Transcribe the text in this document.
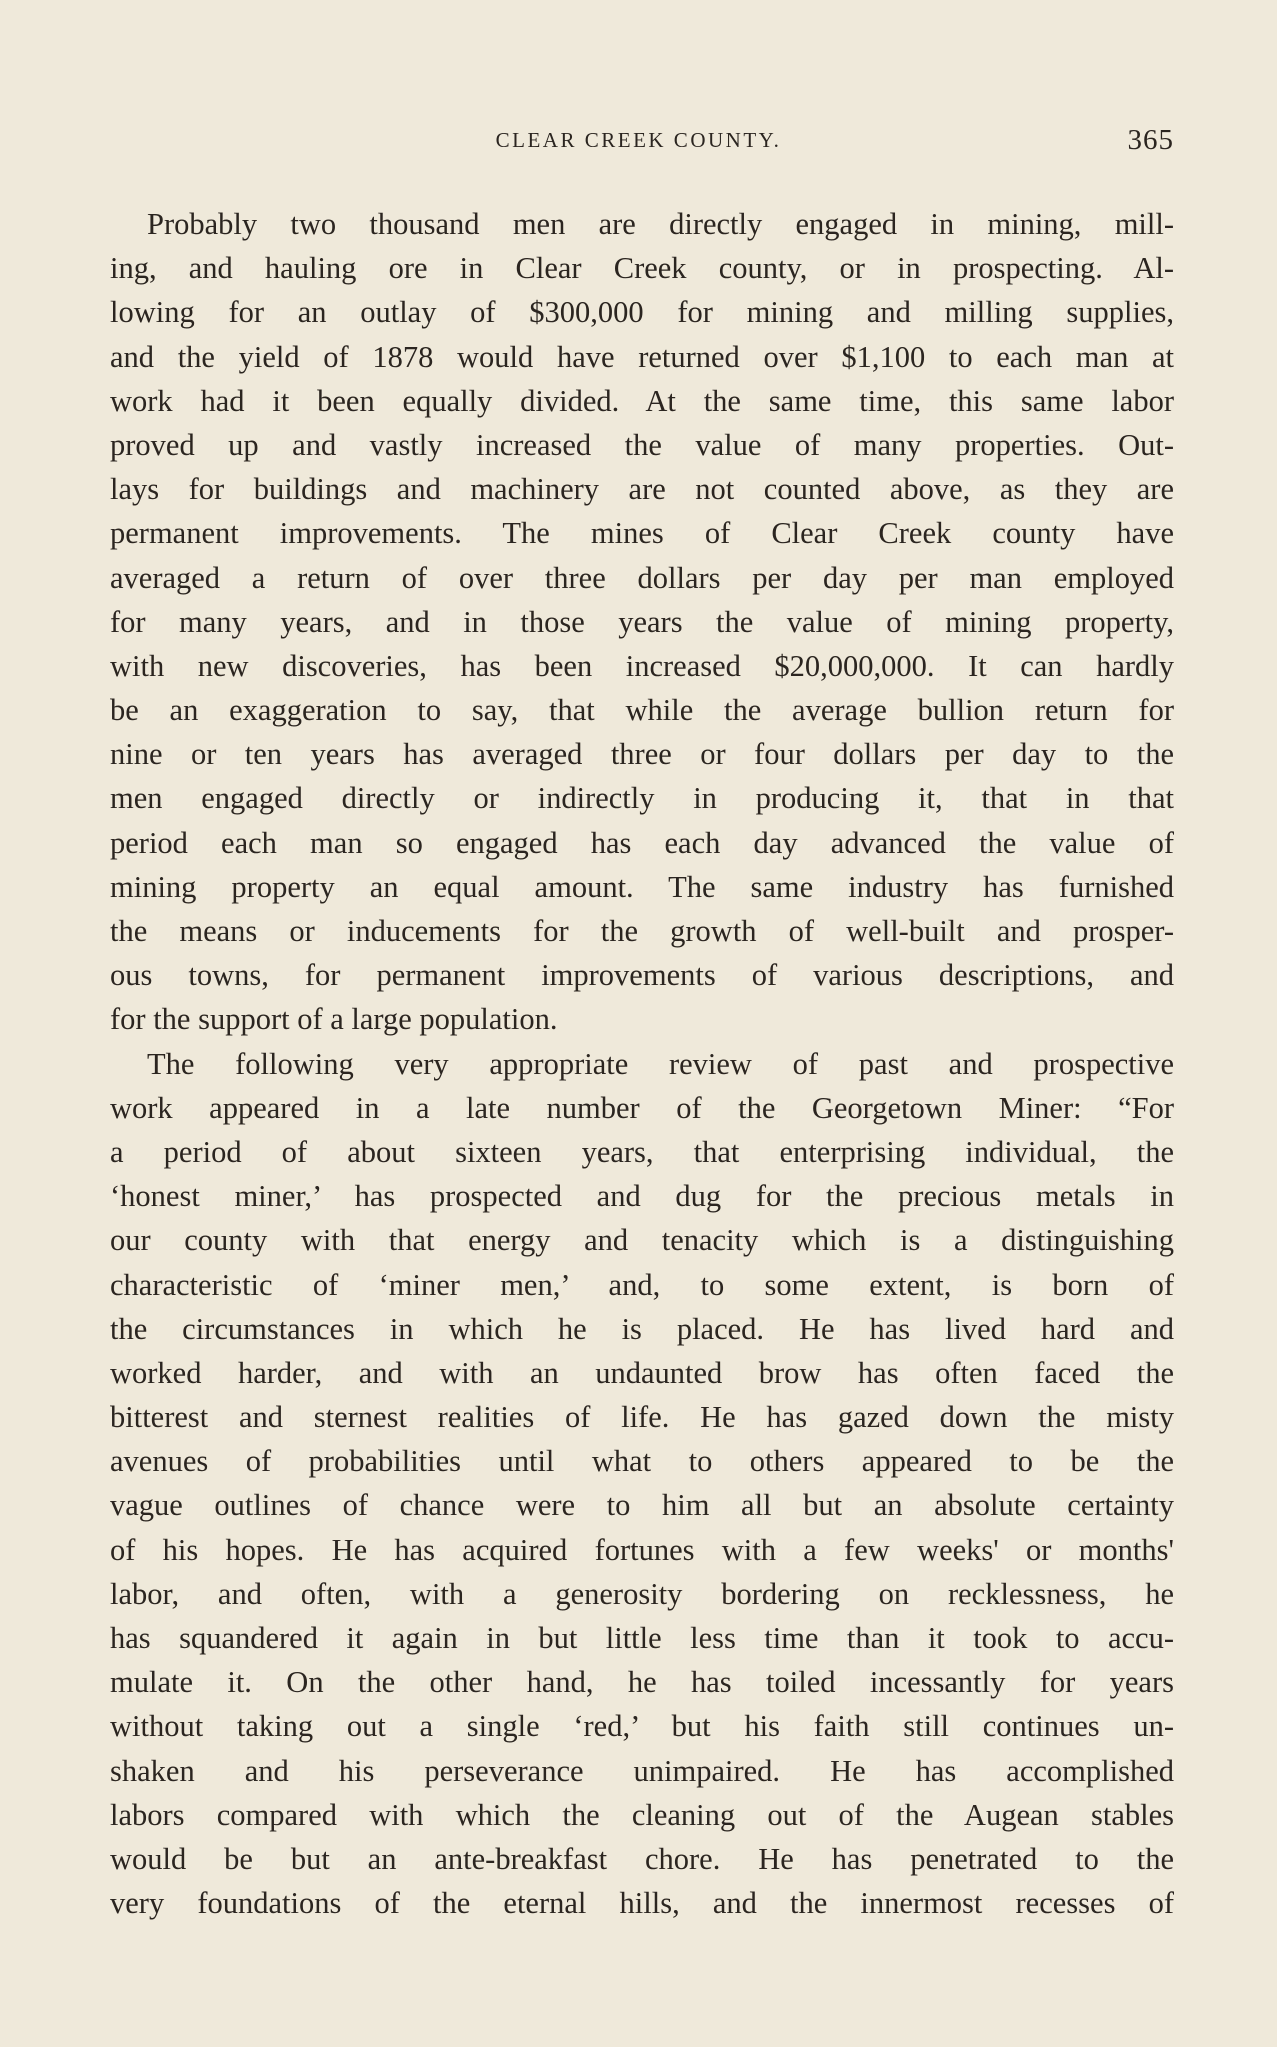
CLEAR CREEK COUNTY.	365
Probably two thousand men are directly engaged in mining, mill-
ing, and hauling ore in Clear Creek county, or in prospecting. Al-
lowing for an outlay of $300,000 for mining and milling supplies,
and the yield of 1878 would have returned over $1,100 to each man at
work had it been equally divided. At the same time, this same labor
proved up and vastly increased the value of many properties. Out-
lays for buildings and machinery are not counted above, as they are
permanent improvements. The mines of Clear Creek county have
averaged a return of over three dollars per day per man employed
for many years, and in those years the value of mining property,
with new discoveries, has been increased $20,000,000. It can hardly
be an exaggeration to say, that while the average bullion return for
nine or ten years has averaged three or four dollars per day to the
men engaged directly or indirectly in producing it, that in that
period each man so engaged has each day advanced the value of
mining property an equal amount. The same industry has furnished
the means or inducements for the growth of well-built and prosper-
ous towns, for permanent improvements of various descriptions, and
for the support of a large population.
The following very appropriate review of past and prospective
work appeared in a late number of the Georgetown Miner: “For
a period of about sixteen years, that enterprising individual, the
‘honest miner,’ has prospected and dug for the precious metals in
our county with that energy and tenacity which is a distinguishing
characteristic of ‘miner men,’ and, to some extent, is born of
the circumstances in which he is placed. He has lived hard and
worked harder, and with an undaunted brow has often faced the
bitterest and sternest realities of life. He has gazed down the misty
avenues of probabilities until what to others appeared to be the
vague outlines of chance were to him all but an absolute certainty
of his hopes. He has acquired fortunes with a few weeks' or months'
labor, and often, with a generosity bordering on recklessness, he
has squandered it again in but little less time than it took to accu-
mulate it. On the other hand, he has toiled incessantly for years
without taking out a single ‘red,’ but his faith still continues un-
shaken and his perseverance unimpaired. He has accomplished
labors compared with which the cleaning out of the Augean stables
would be but an ante-breakfast chore. He has penetrated to the
very foundations of the eternal hills, and the innermost recesses of
